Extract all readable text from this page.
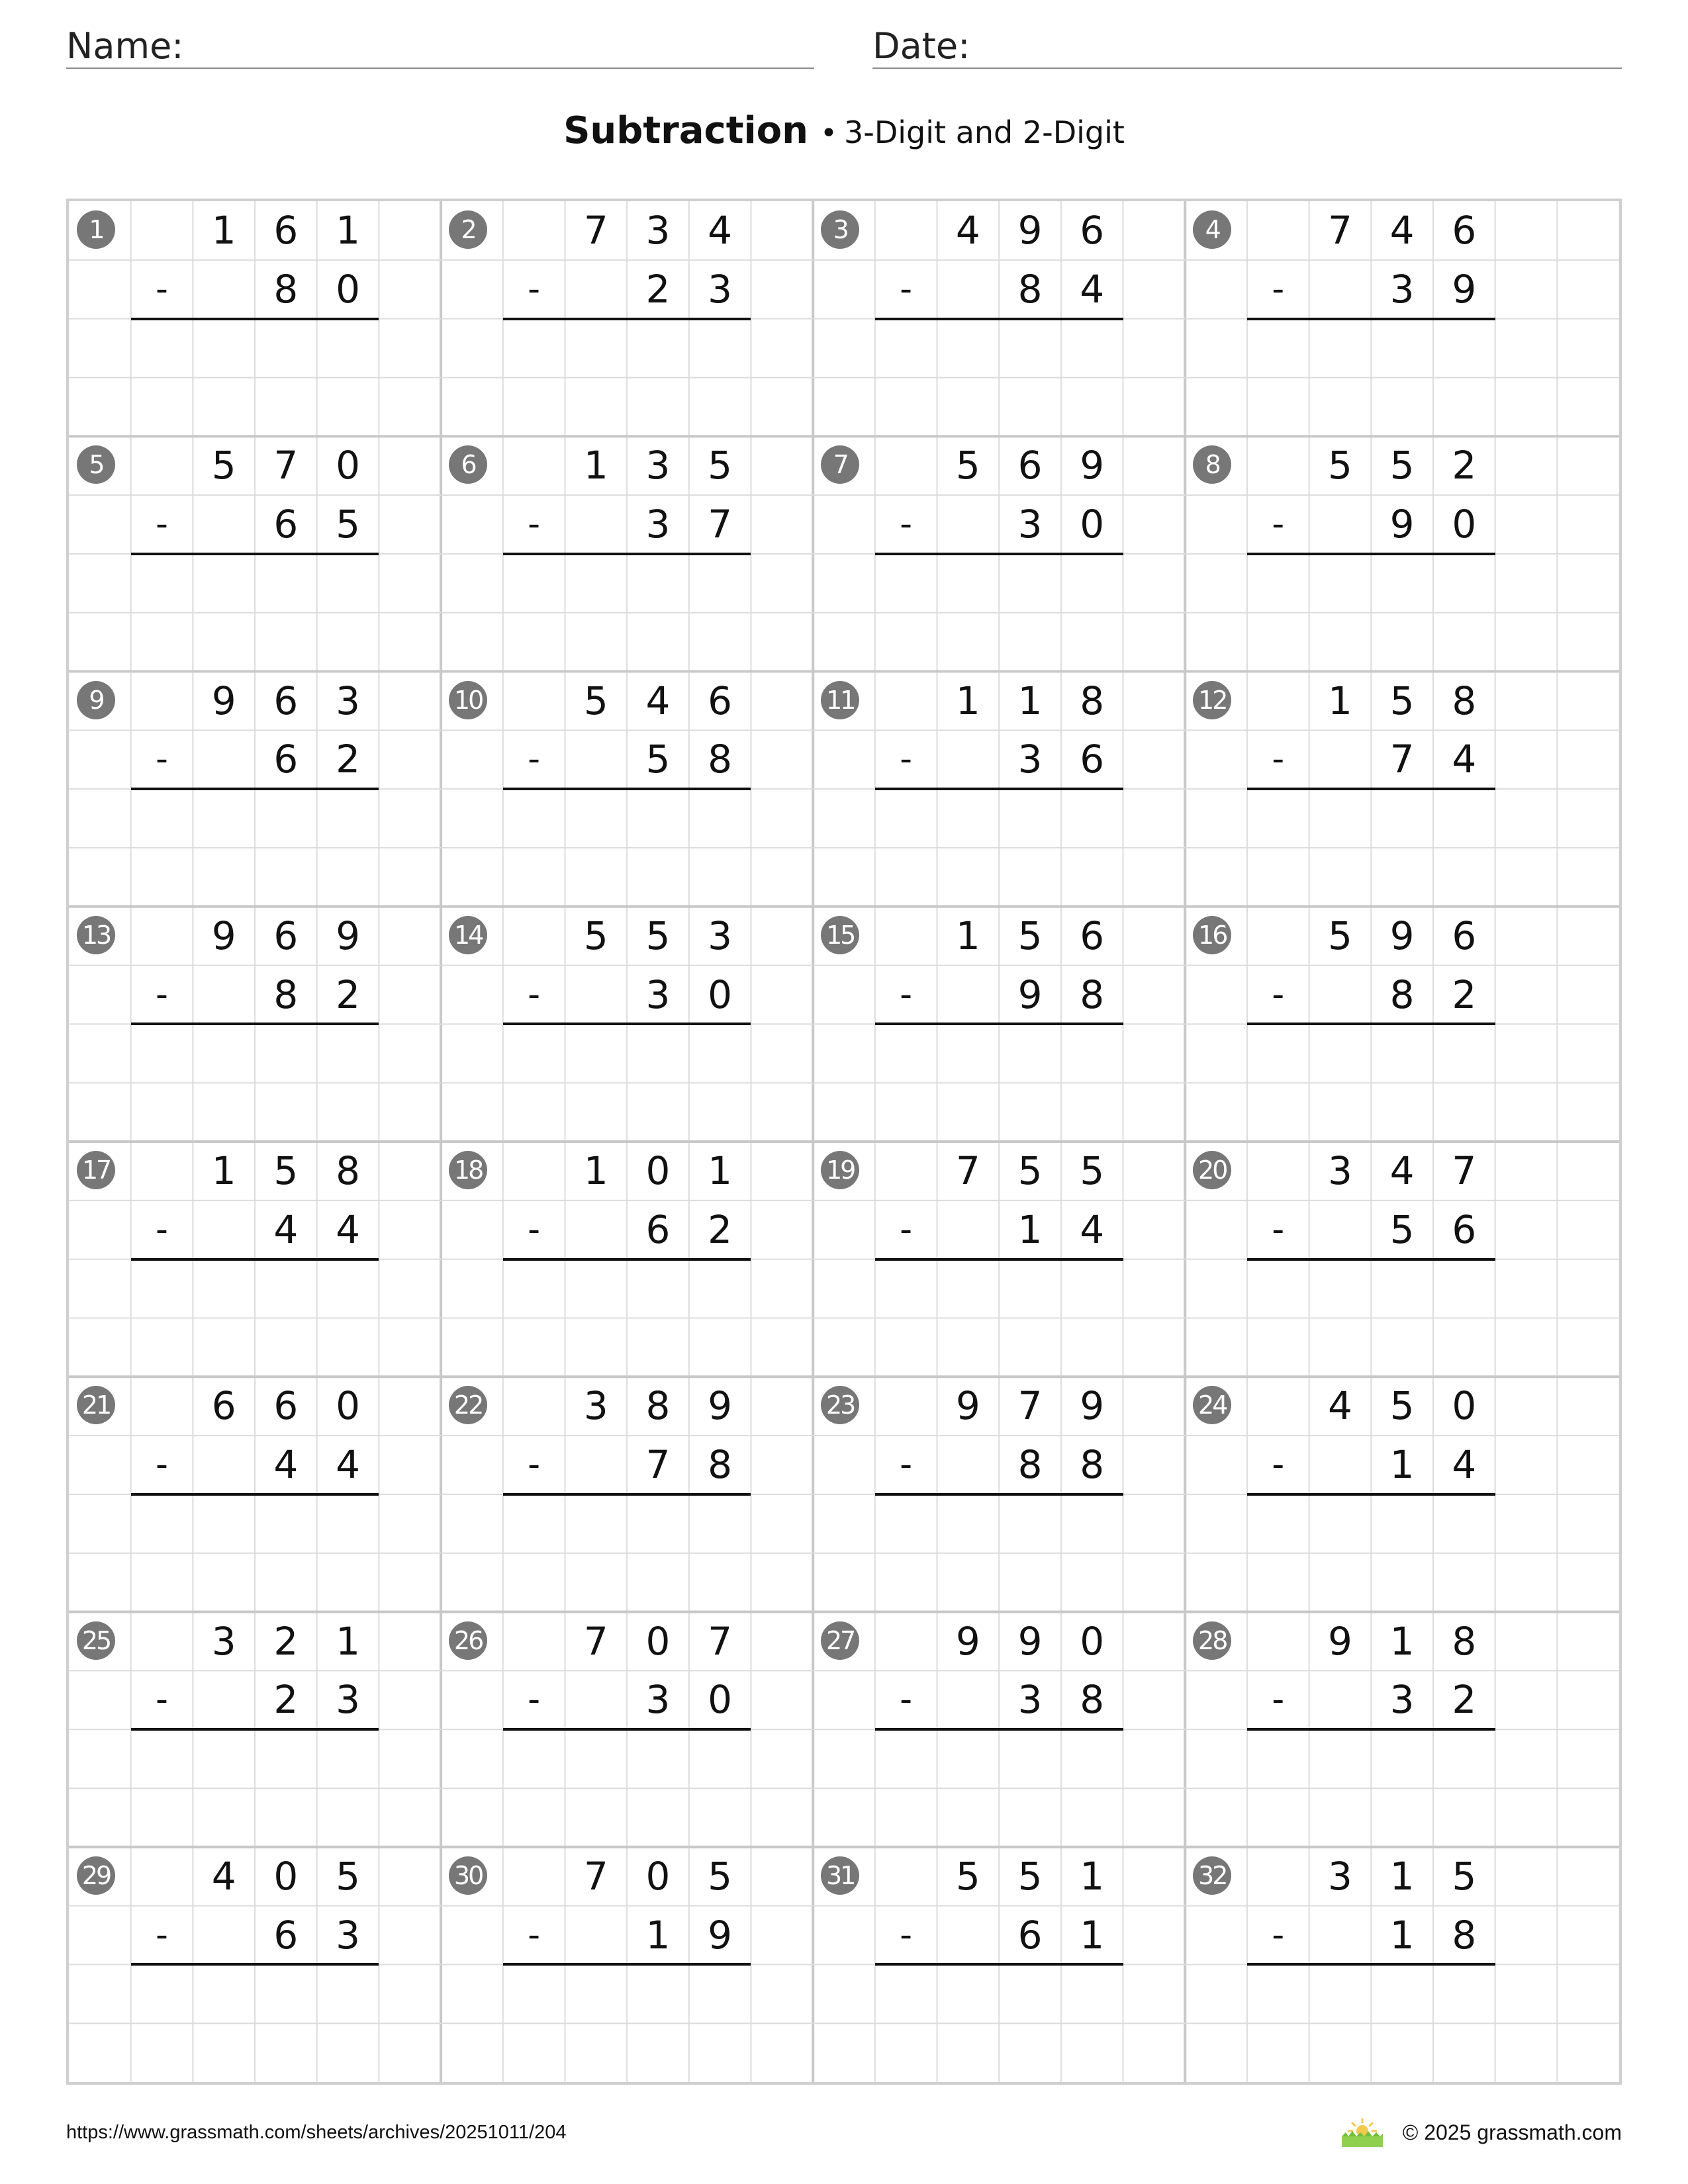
Name:	Date:
Subtraction • 3-Digit and 2-Digit
1	1 6 1
-	8 0
2	7 3 4
-	2 3
3	4 9 6
-	8 4
4	7 4 6
-	3 9
5	5 7 0
-	6 5
6	1 3 5
-	3 7
7	5 6 9
-	3 0
8	5 5 2
-	9 0
9	9 6 3
-	6 2
10	5 4 6
-	5 8
11	1 1 8
-	3 6
12	1 5 8
-	7 4
13	9 6 9
-	8 2
14	5 5 3
-	3 0
15	1 5 6
-	9 8
16	5 9 6
-	8 2
17	1 5 8
-	4 4
18	1 0 1
-	6 2
19	7 5 5
-	1 4
20	3 4 7
-	5 6
21	6 6 0
-	4 4
22	3 8 9
-	7 8
23	9 7 9
-	8 8
24	4 5 0
-	1 4
25	3 2 1
-	2 3
26	7 0 7
-	3 0
27	9 9 0
-	3 8
28	9 1 8
-	3 2
29	4 0 5
-	6 3
30	7 0 5
-	1 9
31	5 5 1
-	6 1
32	3 1 5
-	1 8
https://www.grassmath.com/sheets/archives/20251011/204	© 2025 grassmath.com
